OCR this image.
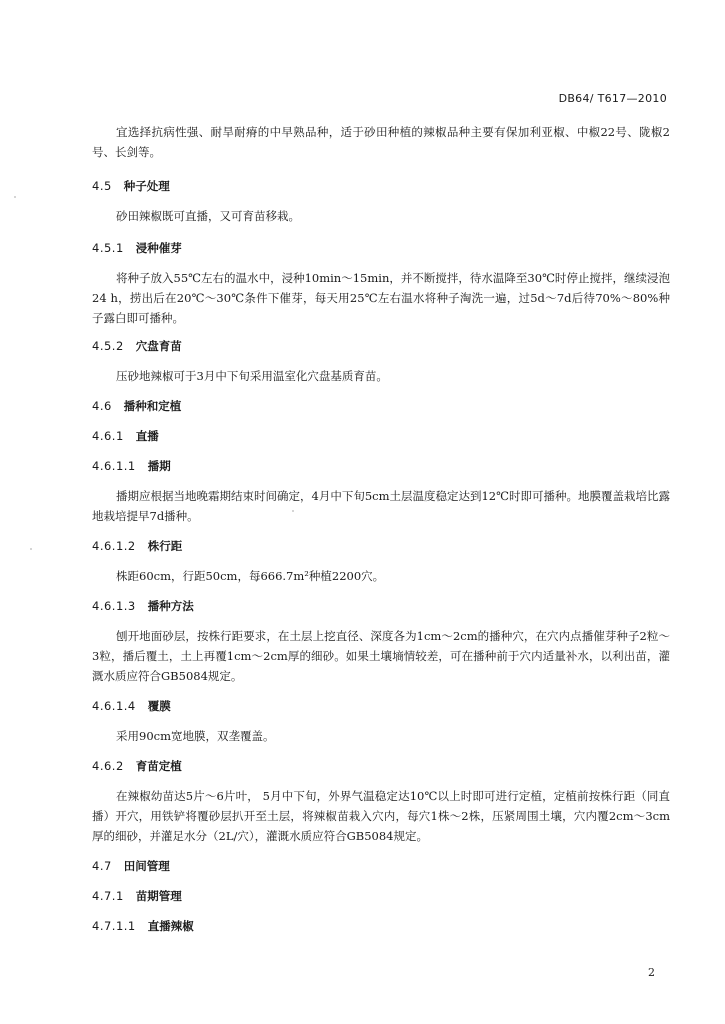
DB64/ T617—2010

宜选择抗病性强、耐旱耐瘠的中早熟品种，适于砂田种植的辣椒品种主要有保加利亚椒、中椒22号、陇椒2号、长剑等。

4.5 种子处理

砂田辣椒既可直播，又可育苗移栽。

4.5.1 浸种催芽

将种子放入55℃左右的温水中，浸种10min～15min，并不断搅拌，待水温降至30℃时停止搅拌，继续浸泡24 h，捞出后在20℃～30℃条件下催芽，每天用25℃左右温水将种子淘洗一遍，过5d～7d后待70%～80%种子露白即可播种。

4.5.2 穴盘育苗

压砂地辣椒可于3月中下旬采用温室化穴盘基质育苗。

4.6 播种和定植
4.6.1 直播
4.6.1.1 播期

播期应根据当地晚霜期结束时间确定，4月中下旬5cm土层温度稳定达到12℃时即可播种。地膜覆盖栽培比露地栽培提早7d播种。

4.6.1.2 株行距

株距60cm，行距50cm，每666.7m²种植2200穴。

4.6.1.3 播种方法

刨开地面砂层，按株行距要求，在土层上挖直径、深度各为1cm～2cm的播种穴，在穴内点播催芽种子2粒～3粒，播后覆土，土上再覆1cm～2cm厚的细砂。如果土壤墒情较差，可在播种前于穴内适量补水，以利出苗，灌溉水质应符合GB5084规定。

4.6.1.4 覆膜

采用90cm宽地膜，双垄覆盖。

4.6.2 育苗定植

在辣椒幼苗达5片～6片叶， 5月中下旬，外界气温稳定达10℃以上时即可进行定植，定植前按株行距（同直播）开穴，用铁铲将覆砂层扒开至土层，将辣椒苗栽入穴内，每穴1株～2株，压紧周围土壤，穴内覆2cm～3cm厚的细砂，并灌足水分（2L/穴），灌溉水质应符合GB5084规定。

4.7 田间管理
4.7.1 苗期管理
4.7.1.1 直播辣椒
2
